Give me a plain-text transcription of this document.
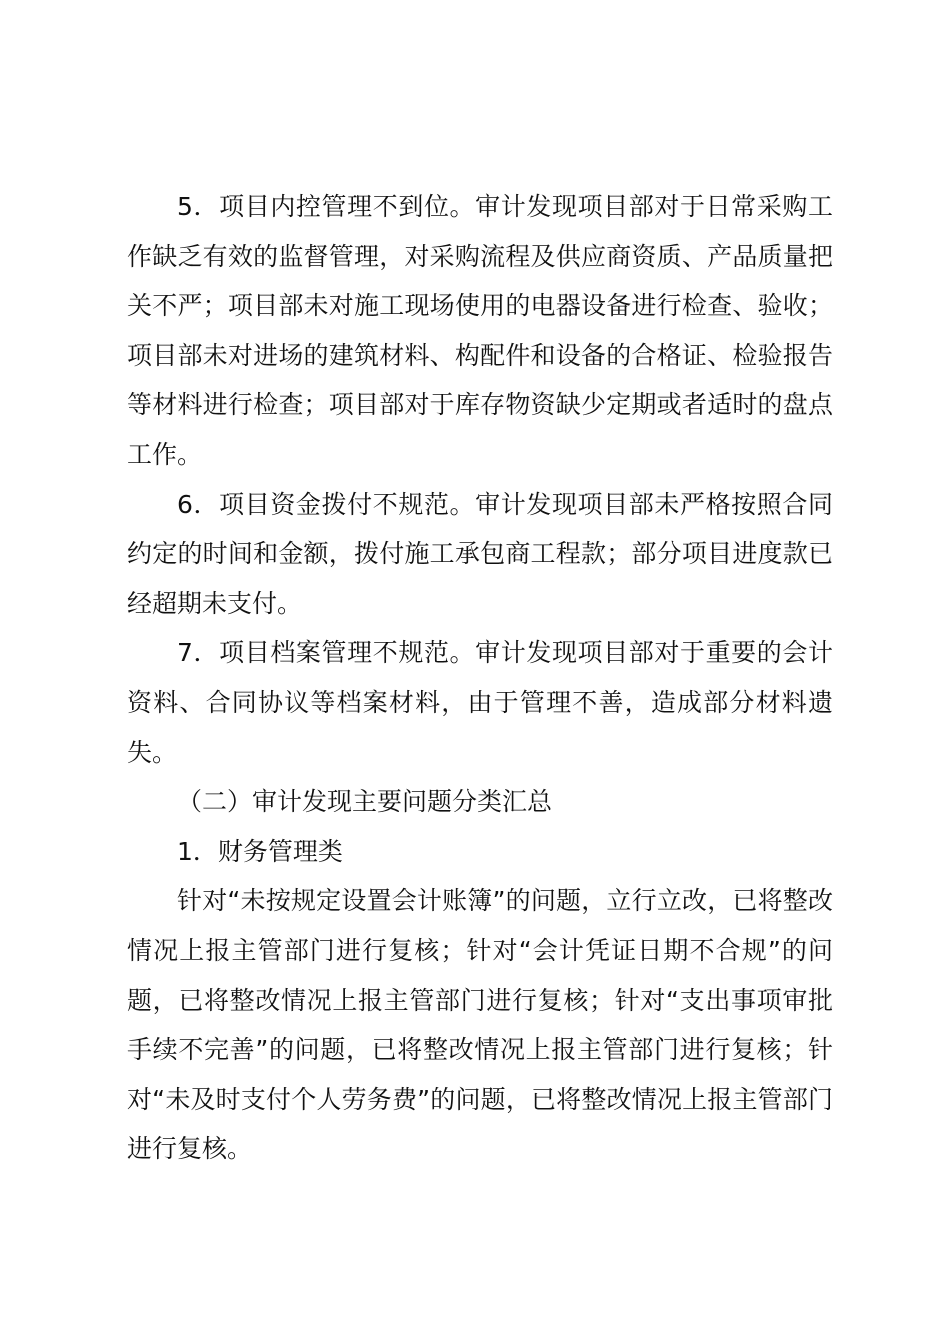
5．项目内控管理不到位。审计发现项目部对于日常采购工作缺乏有效的监督管理，对采购流程及供应商资质、产品质量把关不严；项目部未对施工现场使用的电器设备进行检查、验收；项目部未对进场的建筑材料、构配件和设备的合格证、检验报告等材料进行检查；项目部对于库存物资缺少定期或者适时的盘点工作。

6．项目资金拨付不规范。审计发现项目部未严格按照合同约定的时间和金额，拨付施工承包商工程款；部分项目进度款已经超期未支付。

7．项目档案管理不规范。审计发现项目部对于重要的会计资料、合同协议等档案材料，由于管理不善，造成部分材料遗失。

（二）审计发现主要问题分类汇总

1．财务管理类

针对“未按规定设置会计账簿”的问题，立行立改，已将整改情况上报主管部门进行复核；针对“会计凭证日期不合规”的问题，已将整改情况上报主管部门进行复核；针对“支出事项审批手续不完善”的问题，已将整改情况上报主管部门进行复核；针对“未及时支付个人劳务费”的问题，已将整改情况上报主管部门进行复核。
